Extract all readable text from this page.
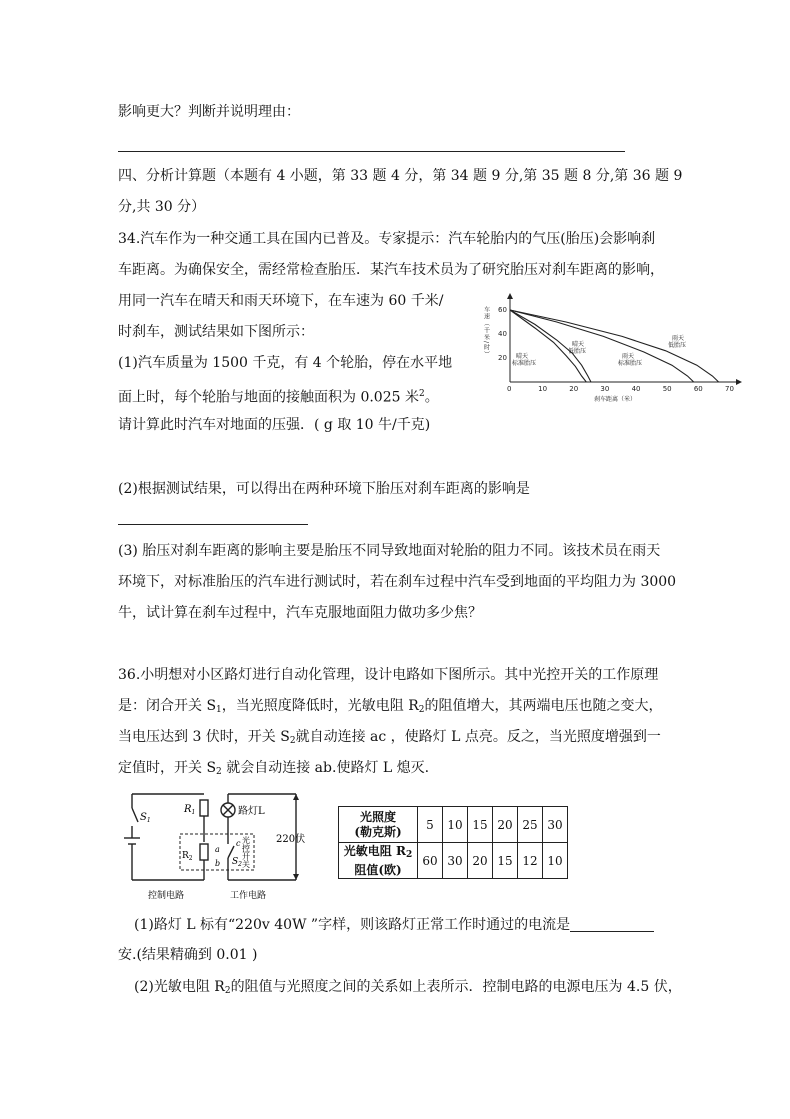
影响更大？判断并说明理由：
四、分析计算题（本题有 4 小题，第 33 题 4 分，第 34 题 9 分,第 35 题 8 分,第 36 题 9
分,共 30 分）
34.汽车作为一种交通工具在国内已普及。专家提示：汽车轮胎内的气压(胎压)会影响刹
车距离。为确保安全，需经常检查胎压．某汽车技术员为了研究胎压对刹车距离的影响，
用同一汽车在晴天和雨天环境下，在车速为 60 千米/
时刹车，测试结果如下图所示：
(1)汽车质量为 1500 千克，有 4 个轮胎，停在水平地
面上时，每个轮胎与地面的接触面积为 0.025 米$^2$。
请计算此时汽车对地面的压强．( g 取 10 牛/千克)
(2)根据测试结果，可以得出在两种环境下胎压对刹车距离的影响是
(3) 胎压对刹车距离的影响主要是胎压不同导致地面对轮胎的阻力不同。该技术员在雨天
环境下，对标准胎压的汽车进行测试时，若在刹车过程中汽车受到地面的平均阻力为 3000
牛，试计算在刹车过程中，汽车克服地面阻力做功多少焦？
36.小明想对小区路灯进行自动化管理，设计电路如下图所示。其中光控开关的工作原理
是：闭合开关 $S_1$，当光照度降低时，光敏电阻 $R_2$的阻值增大，其两端电压也随之变大，
当电压达到 3 伏时，开关 $S_2$就自动连接 ac ，使路灯 L 点亮。反之，当光照度增强到一
定值时，开关 $S_2$ 就会自动连接 ab.使路灯 L 熄灭.
(1)路灯 L 标有“220v 40W ”字样，则该路灯正常工作时通过的电流是
安.(结果精确到 0.01 )
(2)光敏电阻 $R_2$的阻值与光照度之间的关系如上表所示．控制电路的电源电压为 4.5 伏，
车速（千米/时）
刹车距离（米）
0	10	20	30	40	50	60	70
20
40
60
晴天标准胎压
晴天低胎压
雨天标准胎压
雨天低胎压
$S_1$
$R_1$	路灯L
$R_2$	$S_2$
a
b
c 光控开关	220伏
控制电路	工作电路
光照度
(勒克斯)	5	10	15	20	25	30
光敏电阻 $R_2$
阻值(欧)	60	30	20	15	12	10
